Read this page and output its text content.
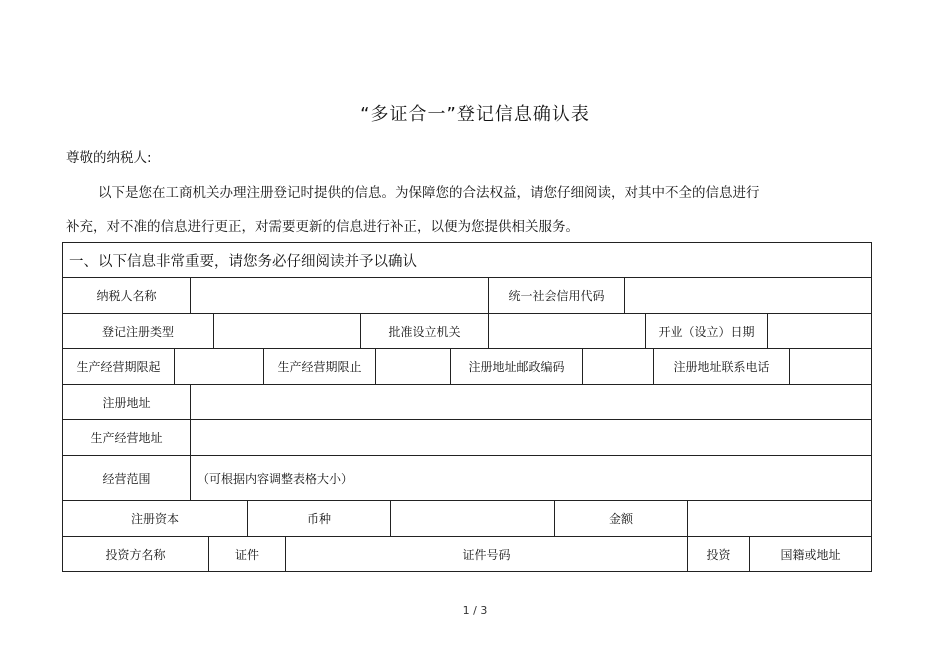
“多证合一”登记信息确认表
尊敬的纳税人:
以下是您在工商机关办理注册登记时提供的信息。为保障您的合法权益，请您仔细阅读，对其中不全的信息进行
补充，对不准的信息进行更正，对需要更新的信息进行补正，以便为您提供相关服务。
一、以下信息非常重要，请您务必仔细阅读并予以确认
纳税人名称	统一社会信用代码
登记注册类型	批准设立机关	开业（设立）日期
生产经营期限起	生产经营期限止	注册地址邮政编码	注册地址联系电话
注册地址
生产经营地址
经营范围	（可根据内容调整表格大小）
注册资本	币种	金额
投资方名称	证件	证件号码	投资	国籍或地址
1 / 3
